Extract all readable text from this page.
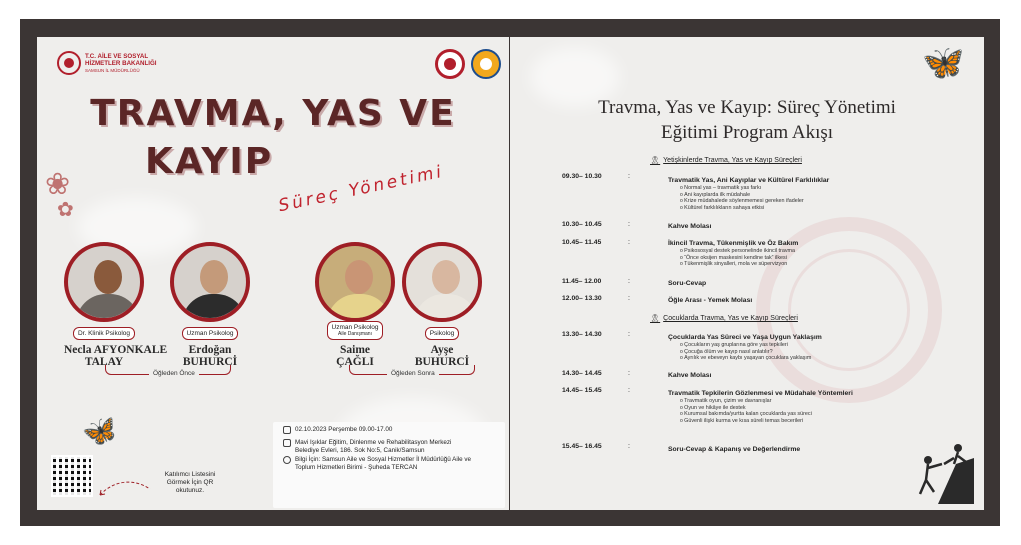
T.C. AİLE VE SOSYAL
HİZMETLER BAKANLIĞI
SAMSUN İL MÜDÜRLÜĞÜ
❀
✿
TRAVMA, YAS VE
KAYIP
Süreç Yönetimi
Dr. Klinik Psikolog
Necla AFYONKALE
TALAY
Uzman Psikolog
Erdoğan
BUHURCİ
Uzman Psikolog
Aile Danışmanı
Saime
ÇAĞLI
Psikolog
Ayşe
BUHURCİ
Öğleden Önce	Öğleden Sonra
🦋
Katılımcı Listesini
Görmek İçin QR
okutunuz.
02.10.2023 Perşembe 09.00-17.00
Mavi Işıklar Eğitim, Dinlenme ve Rehabilitasyon Merkezi
Belediye Evleri, 186. Sok No:5, Canik/Samsun
Bilgi İçin: Samsun Aile ve Sosyal Hizmetler İl Müdürlüğü Aile ve
Toplum Hizmetleri Birimi - Şuheda TERCAN
🦋
Travma, Yas ve Kayıp: Süreç Yönetimi
Eğitimi Program Akışı
🎗 Yetişkinlerde Travma, Yas ve Kayıp Süreçleri
09.30– 10.30	:
Travmatik Yas, Ani Kayıplar ve Kültürel Farklılıklar
o Normal yas – travmatik yas farkı
o Ani kayıplarda ilk müdahale
o Krize müdahalede söylenmemesi gereken ifadeler
o Kültürel farklılıkların sahaya etkisi
10.30– 10.45	:	Kahve Molası
10.45– 11.45	:	İkincil Travma, Tükenmişlik ve Öz Bakım
o Psikososyal destek personelinde ikincil travma
o “Önce oksijen maskesini kendine tak” ilkesi
o Tükenmişlik sinyalleri, mola ve süpervizyon
11.45– 12.00	:	Soru-Cevap
12.00– 13.30	:	Öğle Arası - Yemek Molası
🎗 Çocuklarda Travma, Yas ve Kayıp Süreçleri
13.30– 14.30	:	Çocuklarda Yas Süreci ve Yaşa Uygun Yaklaşım
o Çocukların yaş gruplarına göre yas tepkileri
o Çocuğa ölüm ve kayıp nasıl anlatılır?
o Ayrılık ve ebeveyn kaybı yaşayan çocuklara yaklaşım
14.30– 14.45	:	Kahve Molası
14.45– 15.45	:	Travmatik Tepkilerin Gözlenmesi ve Müdahale Yöntemleri
o Travmatik oyun, çizim ve davranışlar
o Oyun ve hikâye ile destek
o Kurumsal bakımda/yurtta kalan çocuklarda yas süreci
o Güvenli ilişki kurma ve kısa süreli temas becerileri
15.45– 16.45	:	Soru-Cevap & Kapanış ve Değerlendirme
